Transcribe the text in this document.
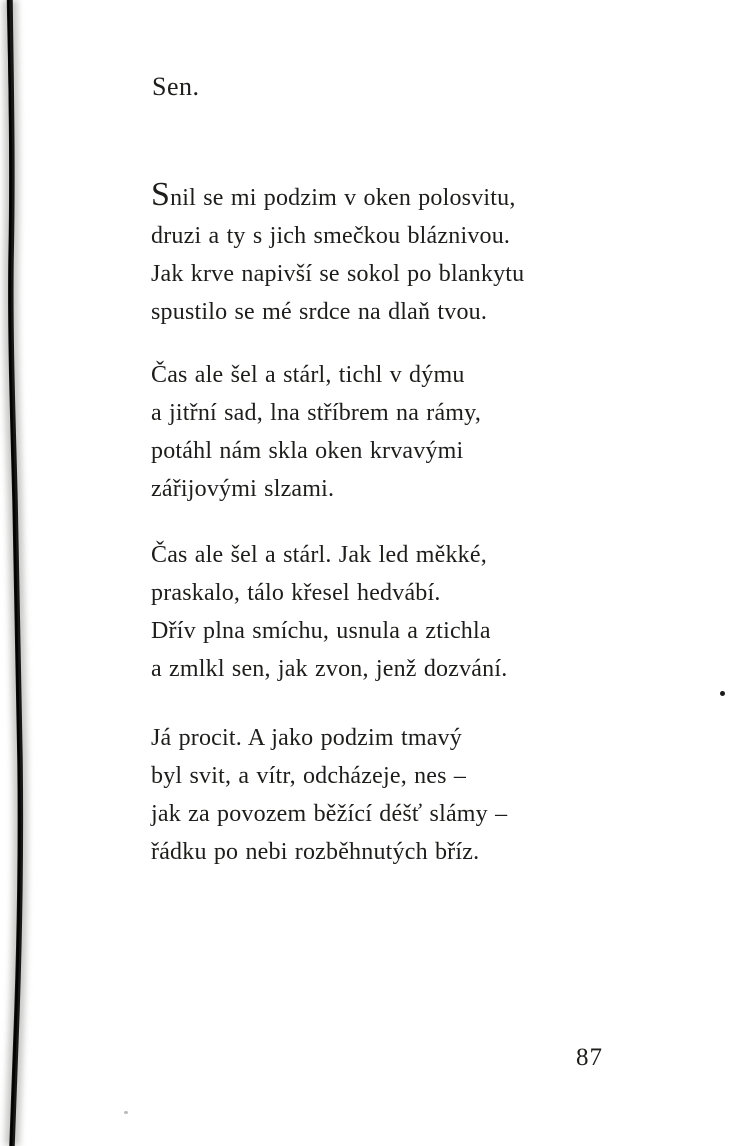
Sen.

Snil se mi podzim v oken polosvitu,

druzi a ty s jich smečkou bláznivou.

Jak krve napivší se sokol po blankytu

spustilo se mé srdce na dlaň tvou.

Čas ale šel a stárl, tichl v dýmu

a jitřní sad, lna stříbrem na rámy,

potáhl nám skla oken krvavými

zářijovými slzami.

Čas ale šel a stárl. Jak led měkké,

praskalo, tálo křesel hedvábí.

Dřív plna smíchu, usnula a ztichla

a zmlkl sen, jak zvon, jenž dozvání.

Já procit. A jako podzim tmavý

byl svit, a vítr, odcházeje, nes –

jak za povozem běžící déšť slámy –

řádku po nebi rozběhnutých bříz.

87
